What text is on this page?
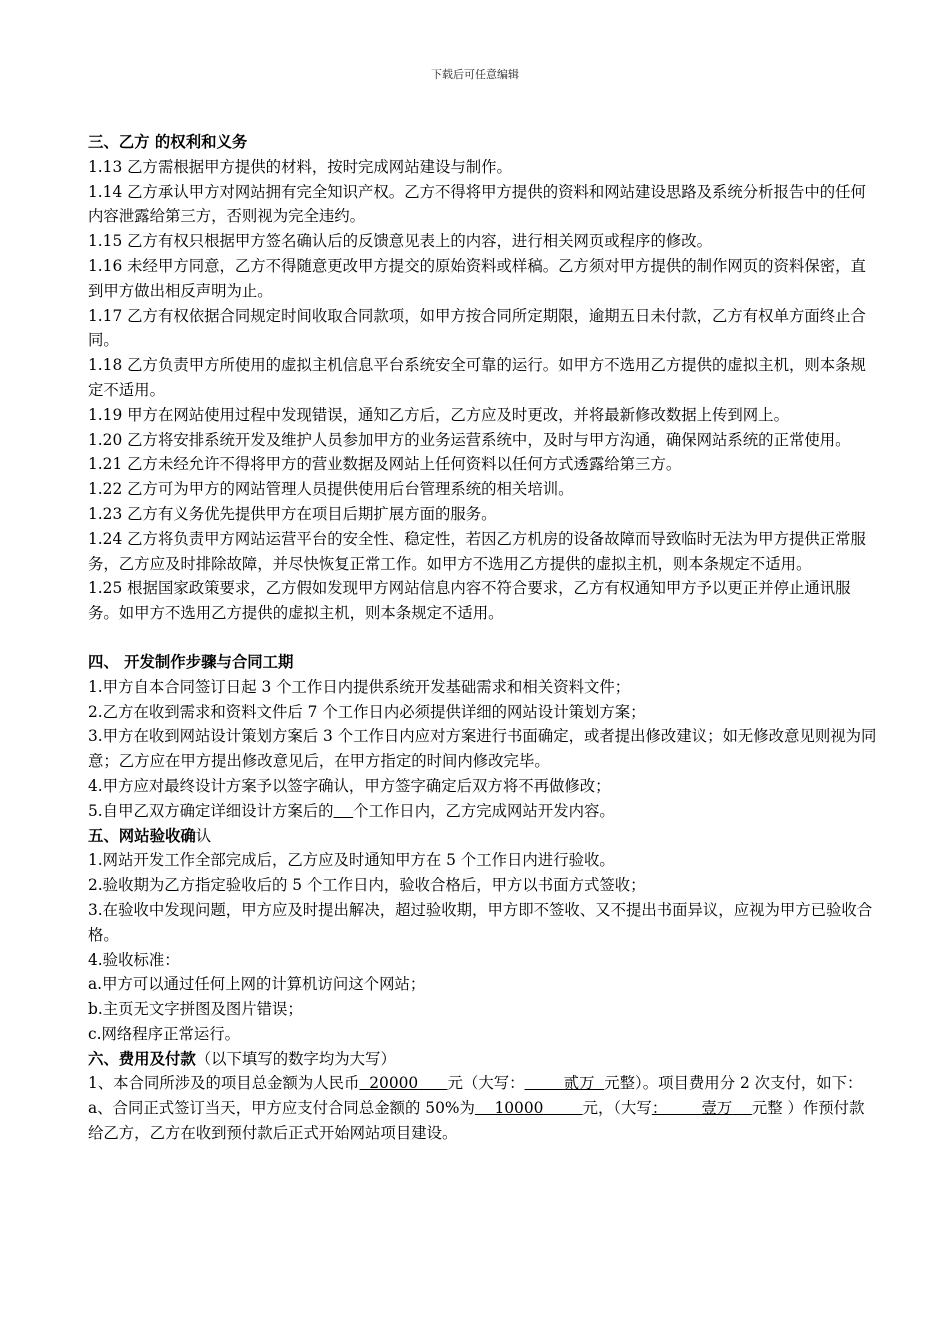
下载后可任意编辑
三、乙方 的权利和义务
1.13 乙方需根据甲方提供的材料，按时完成网站建设与制作。
1.14 乙方承认甲方对网站拥有完全知识产权。乙方不得将甲方提供的资料和网站建设思路及系统分析报告中的任何内容泄露给第三方，否则视为完全违约。
1.15 乙方有权只根据甲方签名确认后的反馈意见表上的内容，进行相关网页或程序的修改。
1.16 未经甲方同意，乙方不得随意更改甲方提交的原始资料或样稿。乙方须对甲方提供的制作网页的资料保密，直到甲方做出相反声明为止。
1.17 乙方有权依据合同规定时间收取合同款项，如甲方按合同所定期限，逾期五日未付款，乙方有权单方面终止合同。
1.18 乙方负责甲方所使用的虚拟主机信息平台系统安全可靠的运行。如甲方不选用乙方提供的虚拟主机，则本条规定不适用。
1.19 甲方在网站使用过程中发现错误，通知乙方后，乙方应及时更改，并将最新修改数据上传到网上。
1.20 乙方将安排系统开发及维护人员参加甲方的业务运营系统中，及时与甲方沟通，确保网站系统的正常使用。
1.21 乙方未经允许不得将甲方的营业数据及网站上任何资料以任何方式透露给第三方。
1.22 乙方可为甲方的网站管理人员提供使用后台管理系统的相关培训。
1.23 乙方有义务优先提供甲方在项目后期扩展方面的服务。
1.24 乙方将负责甲方网站运营平台的安全性、稳定性，若因乙方机房的设备故障而导致临时无法为甲方提供正常服务，乙方应及时排除故障，并尽快恢复正常工作。如甲方不选用乙方提供的虚拟主机，则本条规定不适用。
1.25 根据国家政策要求，乙方假如发现甲方网站信息内容不符合要求，乙方有权通知甲方予以更正并停止通讯服务。如甲方不选用乙方提供的虚拟主机，则本条规定不适用。
四、 开发制作步骤与合同工期
1.甲方自本合同签订日起 3 个工作日内提供系统开发基础需求和相关资料文件；
2.乙方在收到需求和资料文件后 7 个工作日内必须提供详细的网站设计策划方案；
3.甲方在收到网站设计策划方案后 3 个工作日内应对方案进行书面确定，或者提出修改建议；如无修改意见则视为同意；乙方应在甲方提出修改意见后，在甲方指定的时间内修改完毕。
4.甲方应对最终设计方案予以签字确认，甲方签字确定后双方将不再做修改；
5.自甲乙双方确定详细设计方案后的 个工作日内，乙方完成网站开发内容。
五、网站验收确认
1.网站开发工作全部完成后，乙方应及时通知甲方在 5 个工作日内进行验收。
2.验收期为乙方指定验收后的 5 个工作日内，验收合格后，甲方以书面方式签收；
3.在验收中发现问题，甲方应及时提出解决，超过验收期，甲方即不签收、又不提出书面异议，应视为甲方已验收合格。
4.验收标准：
a.甲方可以通过任何上网的计算机访问这个网站；
b.主页无文字拼图及图片错误；
c.网络程序正常运行。
六、费用及付款（以下填写的数字均为大写）
1、本合同所涉及的项目总金额为人民币 20000 元（大写：	贰万 元整）。项目费用分 2 次支付，如下：
a、合同正式签订当天，甲方应支付合同总金额的 50%为 10000	元，（大写：       壹万 元整 ）作预付款给乙方，乙方在收到预付款后正式开始网站项目建设。
